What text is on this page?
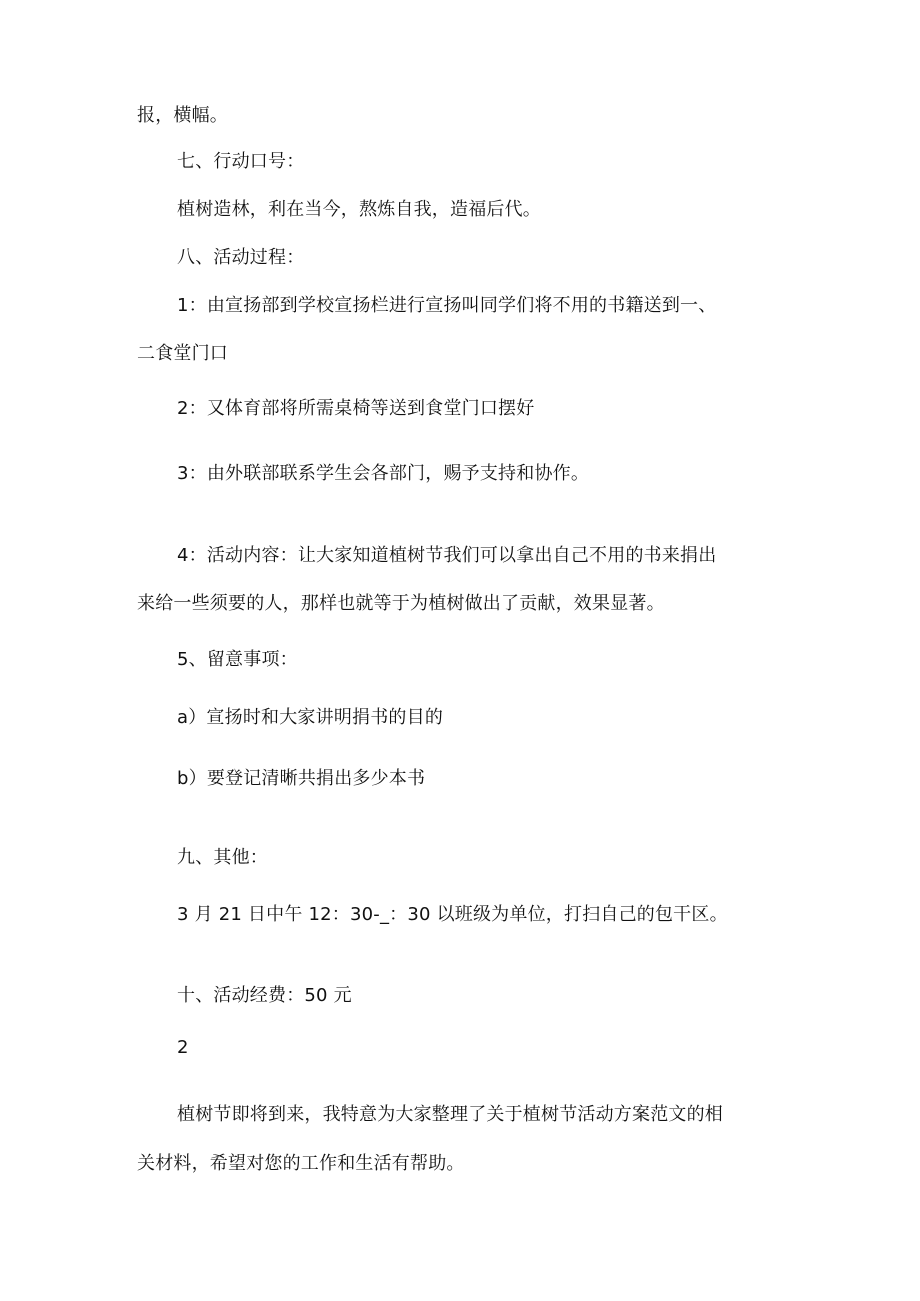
报，横幅。
七、行动口号：
植树造林，利在当今，熬炼自我，造福后代。
八、活动过程：
1：由宣扬部到学校宣扬栏进行宣扬叫同学们将不用的书籍送到一、
二食堂门口
2：又体育部将所需桌椅等送到食堂门口摆好
3：由外联部联系学生会各部门，赐予支持和协作。
4：活动内容：让大家知道植树节我们可以拿出自己不用的书来捐出
来给一些须要的人，那样也就等于为植树做出了贡献，效果显著。
5、留意事项：
a）宣扬时和大家讲明捐书的目的
b）要登记清晰共捐出多少本书
九、其他：
3 月 21 日中午 12：30-_：30 以班级为单位，打扫自己的包干区。
十、活动经费：50 元
2
植树节即将到来，我特意为大家整理了关于植树节活动方案范文的相
关材料，希望对您的工作和生活有帮助。
